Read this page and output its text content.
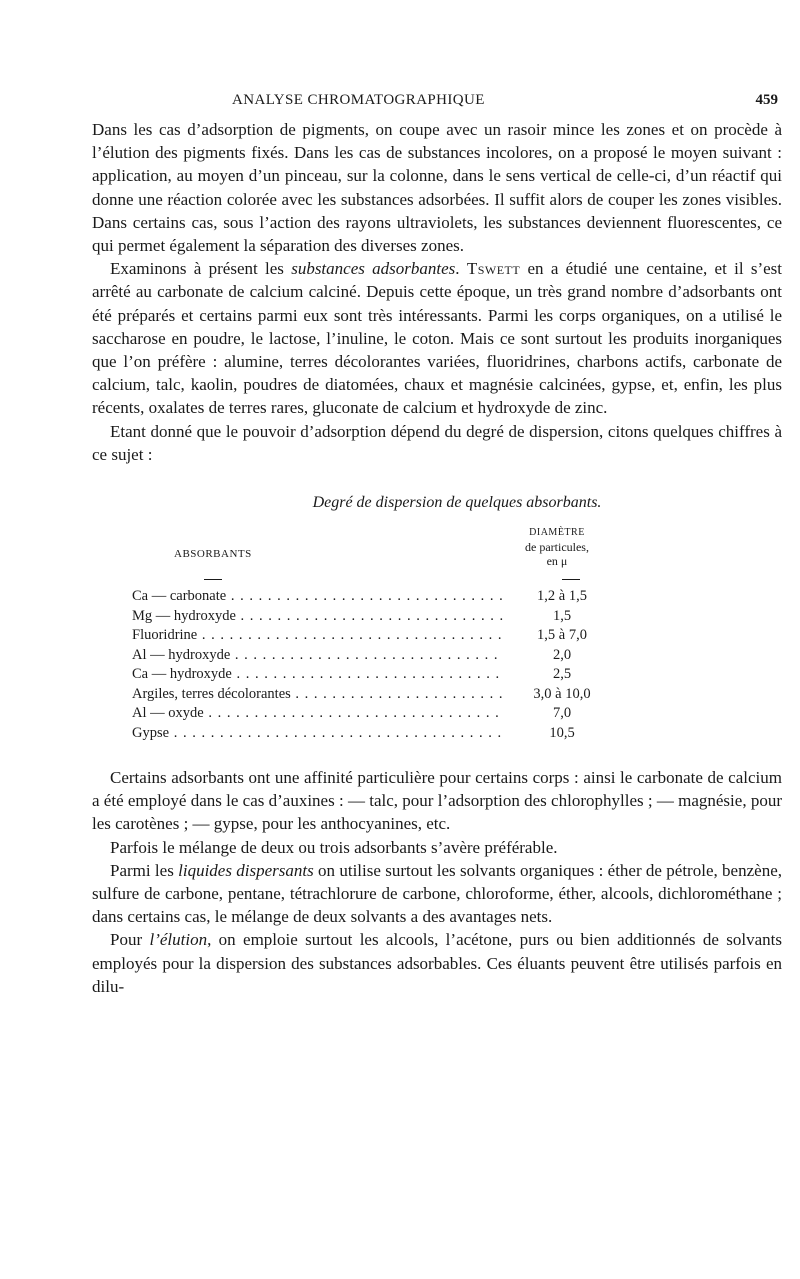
ANALYSE CHROMATOGRAPHIQUE	459

Dans les cas d’adsorption de pigments, on coupe avec un rasoir mince les zones et on procède à l’élution des pigments fixés. Dans les cas de substances incolores, on a proposé le moyen suivant : application, au moyen d’un pinceau, sur la colonne, dans le sens vertical de celle-ci, d’un réactif qui donne une réaction colorée avec les substances adsorbées. Il suffit alors de couper les zones visibles. Dans certains cas, sous l’action des rayons ultraviolets, les substances deviennent fluorescentes, ce qui permet également la séparation des diverses zones.

Examinons à présent les substances adsorbantes. Tswett en a étudié une centaine, et il s’est arrêté au carbonate de calcium calciné. Depuis cette époque, un très grand nombre d’adsorbants ont été préparés et certains parmi eux sont très intéressants. Parmi les corps organiques, on a utilisé le saccharose en poudre, le lactose, l’inuline, le coton. Mais ce sont surtout les produits inorganiques que l’on préfère : alumine, terres décolorantes variées, fluoridrines, charbons actifs, carbonate de calcium, talc, kaolin, poudres de diatomées, chaux et magnésie calcinées, gypse, et, enfin, les plus récents, oxalates de terres rares, gluconate de calcium et hydroxyde de zinc.

Etant donné que le pouvoir d’adsorption dépend du degré de dispersion, citons quelques chiffres à ce sujet :

Degré de dispersion de quelques absorbants.
ABSORBANTS
DIAMÈTRE
de particules,
en μ
Ca — carbonate . . .	1,2 à 1,5
Mg — hydroxyde . . .	1,5
Fluoridrine . . .	1,5 à 7,0
Al — hydroxyde . . .	2,0
Ca — hydroxyde . . .	2,5
Argiles, terres décolorantes . . .	3,0 à 10,0
Al — oxyde . . .	7,0
Gypse . . .	10,5

Certains adsorbants ont une affinité particulière pour certains corps : ainsi le carbonate de calcium a été employé dans le cas d’auxines : — talc, pour l’adsorption des chlorophylles ; — magnésie, pour les carotènes ; — gypse, pour les anthocyanines, etc.

Parfois le mélange de deux ou trois adsorbants s’avère préférable.

Parmi les liquides dispersants on utilise surtout les solvants organiques : éther de pétrole, benzène, sulfure de carbone, pentane, tétrachlorure de carbone, chloroforme, éther, alcools, dichlorométhane ; dans certains cas, le mélange de deux solvants a des avantages nets.

Pour l’élution, on emploie surtout les alcools, l’acétone, purs ou bien additionnés de solvants employés pour la dispersion des substances adsorbables. Ces éluants peuvent être utilisés parfois en dilu-
